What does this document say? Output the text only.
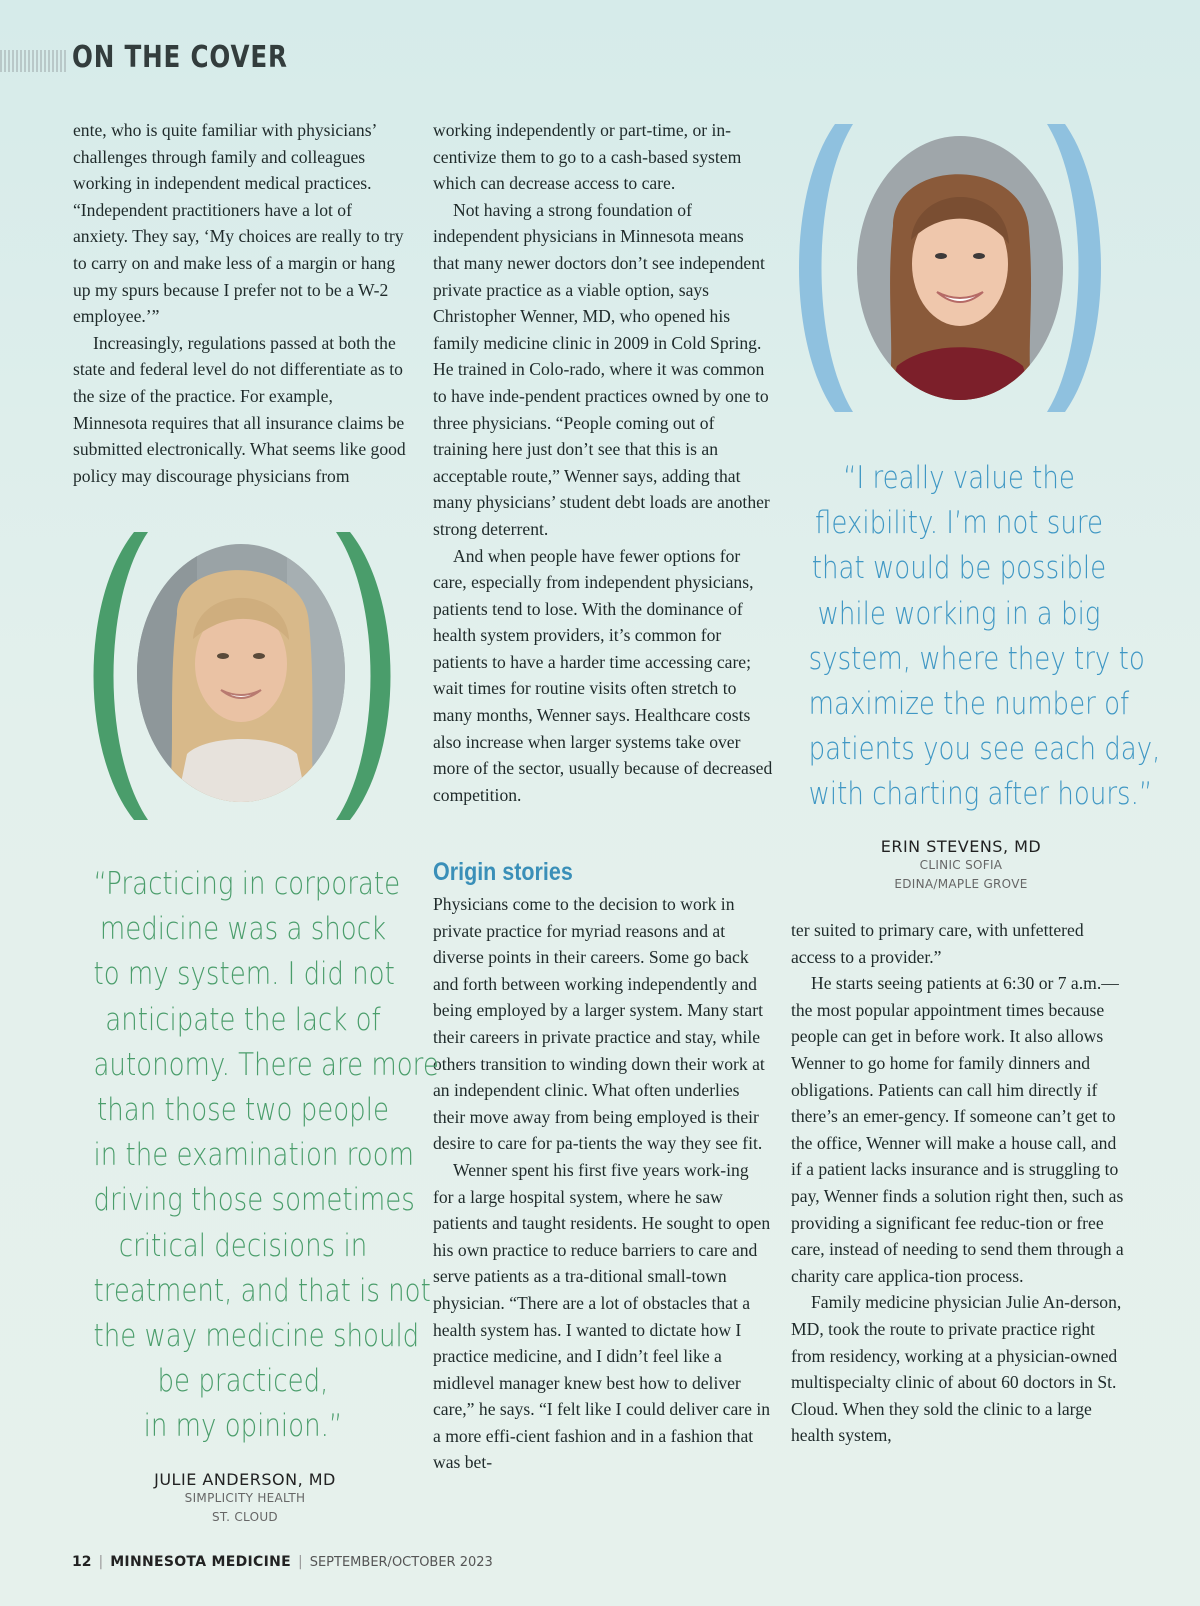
ON THE COVER

ente, who is quite familiar with physicians’ challenges through family and colleagues working in independent medical practices. “Independent practitioners have a lot of anxiety. They say, ‘My choices are really to try to carry on and make less of a margin or hang up my spurs because I prefer not to be a W-2 employee.’”

Increasingly, regulations passed at both the state and federal level do not differentiate as to the size of the practice. For example, Minnesota requires that all insurance claims be submitted electronically. What seems like good policy may discourage physicians from

working independently or part-time, or in-centivize them to go to a cash-based system which can decrease access to care.

Not having a strong foundation of independent physicians in Minnesota means that many newer doctors don’t see independent private practice as a viable option, says Christopher Wenner, MD, who opened his family medicine clinic in 2009 in Cold Spring. He trained in Colo-rado, where it was common to have inde-pendent practices owned by one to three physicians. “People coming out of training here just don’t see that this is an acceptable route,” Wenner says, adding that many physicians’ student debt loads are another strong deterrent.

And when people have fewer options for care, especially from independent physicians, patients tend to lose. With the dominance of health system providers, it’s common for patients to have a harder time accessing care; wait times for routine visits often stretch to many months, Wenner says. Healthcare costs also increase when larger systems take over more of the sector, usually because of decreased competition.

Origin stories

Physicians come to the decision to work in private practice for myriad reasons and at diverse points in their careers. Some go back and forth between working independently and being employed by a larger system. Many start their careers in private practice and stay, while others transition to winding down their work at an independent clinic. What often underlies their move away from being employed is their desire to care for pa-tients the way they see fit.

Wenner spent his first five years work-ing for a large hospital system, where he saw patients and taught residents. He sought to open his own practice to reduce barriers to care and serve patients as a tra-ditional small-town physician. “There are a lot of obstacles that a health system has. I wanted to dictate how I practice medicine, and I didn’t feel like a midlevel manager knew best how to deliver care,” he says. “I felt like I could deliver care in a more effi-cient fashion and in a fashion that was bet-

ter suited to primary care, with unfettered access to a provider.”

He starts seeing patients at 6:30 or 7 a.m.—the most popular appointment times because people can get in before work. It also allows Wenner to go home for family dinners and obligations. Patients can call him directly if there’s an emer-gency. If someone can’t get to the office, Wenner will make a house call, and if a patient lacks insurance and is struggling to pay, Wenner finds a solution right then, such as providing a significant fee reduc-tion or free care, instead of needing to send them through a charity care applica-tion process.

Family medicine physician Julie An-derson, MD, took the route to private practice right from residency, working at a physician-owned multispecialty clinic of about 60 doctors in St. Cloud. When they sold the clinic to a large health system,

“Practicing in corporate
medicine was a shock
to my system. I did not
anticipate the lack of
autonomy. There are more
than those two people
in the examination room
driving those sometimes
critical decisions in
treatment, and that is not
the way medicine should
be practiced,
in my opinion.”
JULIE ANDERSON, MD
SIMPLICITY HEALTH
ST. CLOUD
“I really value the
flexibility. I’m not sure
that would be possible
while working in a big
system, where they try to
maximize the number of
patients you see each day,
with charting after hours.”
ERIN STEVENS, MD
CLINIC SOFIA
EDINA/MAPLE GROVE
12 | MINNESOTA MEDICINE | SEPTEMBER/OCTOBER 2023
